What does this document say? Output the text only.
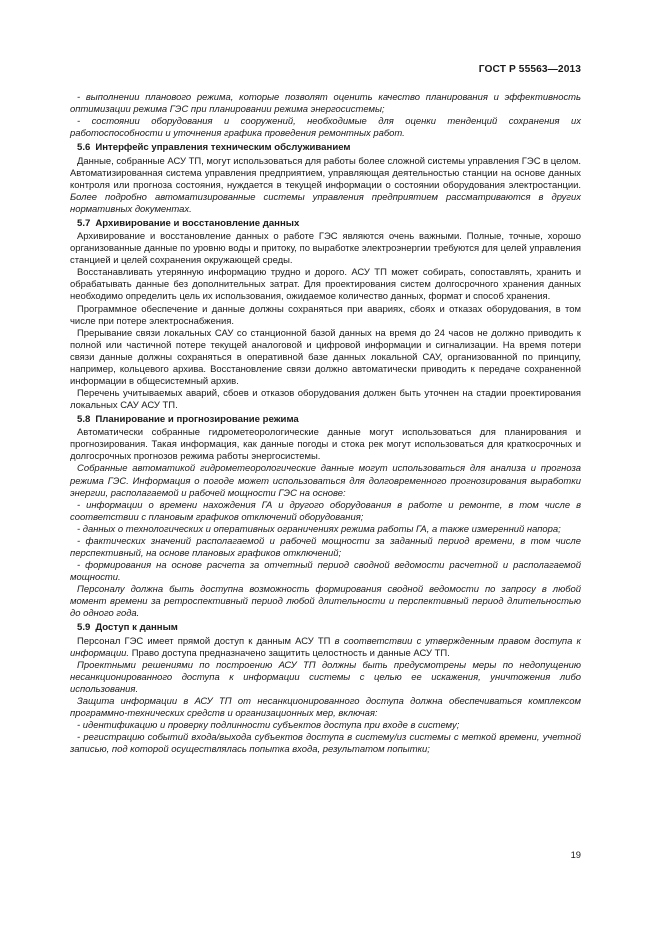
ГОСТ Р 55563—2013

- выполнении планового режима, которые позволят оценить качество планирования и эффективность оптимизации режима ГЭС при планировании режима энергосистемы;

- состоянии оборудования и сооружений, необходимые для оценки тенденций сохранения их работоспособности и уточнения графика проведения ремонтных работ.

5.6 Интерфейс управления техническим обслуживанием

Данные, собранные АСУ ТП, могут использоваться для работы более сложной системы управления ГЭС в целом. Автоматизированная система управления предприятием, управляющая деятельностью станции на основе данных контроля или прогноза состояния, нуждается в текущей информации о состоянии оборудования электростанции. Более подробно автоматизированные системы управления предприятием рассматриваются в других нормативных документах.

5.7 Архивирование и восстановление данных

Архивирование и восстановление данных о работе ГЭС являются очень важными. Полные, точные, хорошо организованные данные по уровню воды и притоку, по выработке электроэнергии требуются для целей управления станцией и целей сохранения окружающей среды.

Восстанавливать утерянную информацию трудно и дорого. АСУ ТП может собирать, сопоставлять, хранить и обрабатывать данные без дополнительных затрат. Для проектирования систем долгосрочного хранения данных необходимо определить цель их использования, ожидаемое количество данных, формат и способ хранения.

Программное обеспечение и данные должны сохраняться при авариях, сбоях и отказах оборудования, в том числе при потере электроснабжения.

Прерывание связи локальных САУ со станционной базой данных на время до 24 часов не должно приводить к полной или частичной потере текущей аналоговой и цифровой информации и сигнализации. На время потери связи данные должны сохраняться в оперативной базе данных локальной САУ, организованной по принципу, например, кольцевого архива. Восстановление связи должно автоматически приводить к передаче сохраненной информации в общесистемный архив.

Перечень учитываемых аварий, сбоев и отказов оборудования должен быть уточнен на стадии проектирования локальных САУ АСУ ТП.

5.8 Планирование и прогнозирование режима

Автоматически собранные гидрометеорологические данные могут использоваться для планирования и прогнозирования. Такая информация, как данные погоды и стока рек могут использоваться для краткосрочных и долгосрочных прогнозов режима работы энергосистемы.

Собранные автоматикой гидрометеорологические данные могут использоваться для анализа и прогноза режима ГЭС. Информация о погоде может использоваться для долговременного прогнозирования выработки энергии, располагаемой и рабочей мощности ГЭС на основе:

- информации о времени нахождения ГА и другого оборудования в работе и ремонте, в том числе в соответствии с плановым графиков отключений оборудования;

- данных о технологических и оперативных ограничениях режима работы ГА, а также измеренний напора;

- фактических значений располагаемой и рабочей мощности за заданный период времени, в том числе перспективный, на основе плановых графиков отключений;

- формирования на основе расчета за отчетный период сводной ведомости расчетной и располагаемой мощности.

Персоналу должна быть доступна возможность формирования сводной ведомости по запросу в любой момент времени за ретроспективный период любой длительности и перспективный период длительностью до одного года.

5.9 Доступ к данным

Персонал ГЭС имеет прямой доступ к данным АСУ ТП в соответствии с утвержденным правом доступа к информации. Право доступа предназначено защитить целостность и данные АСУ ТП.

Проектными решениями по построению АСУ ТП должны быть предусмотрены меры по недопущению несанкционированного доступа к информации системы с целью ее искажения, уничтожения либо использования.

Защита информации в АСУ ТП от несанкционированного доступа должна обеспечиваться комплексом программно-технических средств и организационных мер, включая:

- идентификацию и проверку подлинности субъектов доступа при входе в систему;

- регистрацию событий входа/выхода субъектов доступа в систему/из системы с меткой времени, учетной записью, под которой осуществлялась попытка входа, результатом попытки;

19
